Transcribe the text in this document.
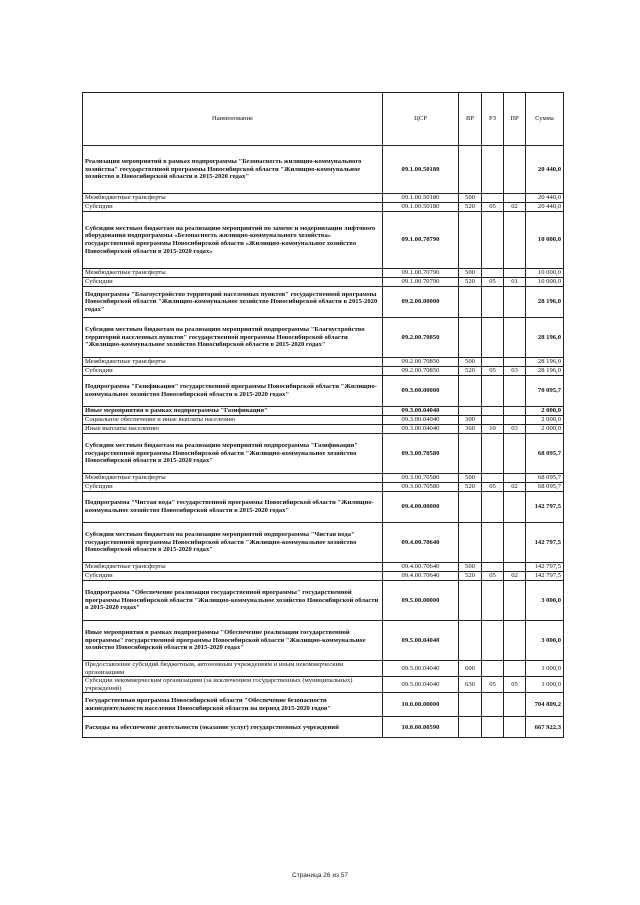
Наименование	ЦСР	ВР	РЗ	ПР	Сумма
Реализация мероприятий в рамках подпрограммы "Безопасность жилищно-коммунального хозяйства" государственной программы Новосибирской области "Жилищно-коммунальное хозяйство в Новосибирской области в 2015-2020 годах"	09.1.00.50180				20 440,0
Межбюджетные трансферты	09.1.00.50180	500			20 440,0
Субсидии	09.1.00.50180	520	05	02	20 440,0
Субсидии местным бюджетам на реализацию мероприятий по замене и модернизации лифтового оборудования подпрограммы «Безопасность жилищно-коммунального хозяйства» государственной программы Новосибирской области «Жилищно-коммунальное хозяйство Новосибирской области в 2015-2020 годах»	09.1.00.70790				10 000,0
Межбюджетные трансферты	09.1.00.70790	500			10 000,0
Субсидии	09.1.00.70790	520	05	01	10 000,0
Подпрограмма "Благоустройство территорий населенных пунктов" государственной программы Новосибирской области "Жилищно-коммунальное хозяйство Новосибирской области в 2015-2020 годах"	09.2.00.00000				28 196,0
Субсидии местным бюджетам на реализацию мероприятий подпрограммы "Благоустройство территорий населенных пунктов" государственной программы Новосибирской области "Жилищно-коммунальное хозяйство Новосибирской области в 2015-2020 годах"	09.2.00.70850				28 196,0
Межбюджетные трансферты	09.2.00.70850	500			28 196,0
Субсидии	09.2.00.70850	520	05	03	28 196,0
Подпрограмма "Газификация" государственной программы Новосибирской области "Жилищно-коммунальное хозяйство Новосибирской области в 2015-2020 годах"	09.3.00.00000				70 095,7
Иные мероприятия в рамках подпрограммы "Газификация"	09.3.00.04040				2 000,0
Социальное обеспечение и иные выплаты населению	09.3.00.04040	300			2 000,0
Иные выплаты населению	09.3.00.04040	360	10	03	2 000,0
Субсидии местным бюджетам на реализацию мероприятий подпрограммы "Газификация" государственной программы Новосибирской области "Жилищно-коммунальное хозяйство Новосибирской области в 2015-2020 годах"	09.3.00.70580				68 095,7
Межбюджетные трансферты	09.3.00.70580	500			68 095,7
Субсидии	09.3.00.70580	520	05	02	68 095,7
Подпрограмма "Чистая вода" государственной программы Новосибирской области "Жилищно-коммунальное хозяйство Новосибирской области в 2015-2020 годах"	09.4.00.00000				142 797,5
Субсидии местным бюджетам на реализацию мероприятий подпрограммы "Чистая вода" государственной программы Новосибирской области "Жилищно-коммунальное хозяйство Новосибирской области в 2015-2020 годах"	09.4.00.70640				142 797,5
Межбюджетные трансферты	09.4.00.70640	500			142 797,5
Субсидии	09.4.00.70640	520	05	02	142 797,5
Подпрограмма "Обеспечение реализации государственной программы" государственной программы Новосибирской области "Жилищно-коммунальное хозяйство Новосибирской области в 2015-2020 годах"	09.5.00.00000				3 000,0
Иные мероприятия в рамках подпрограммы "Обеспечение реализации государственной программы" государственной программы Новосибирской области "Жилищно-коммунальное хозяйство Новосибирской области в 2015-2020 годах"	09.5.00.04040				3 000,0
Предоставление субсидий бюджетным, автономным учреждениям и иным некоммерческим организациям	09.5.00.04040	600			3 000,0
Субсидии некоммерческим организациям (за исключением государственных (муниципальных) учреждений)	09.5.00.04040	630	05	05	3 000,0
Государственная программа Новосибирской области "Обеспечение безопасности жизнедеятельности населения Новосибирской области на период 2015-2020 годов"	10.0.00.00000				704 809,2
Расходы на обеспечение деятельности (оказание услуг) государственных учреждений	10.0.00.00590				667 922,3
Страница 26 из 57
